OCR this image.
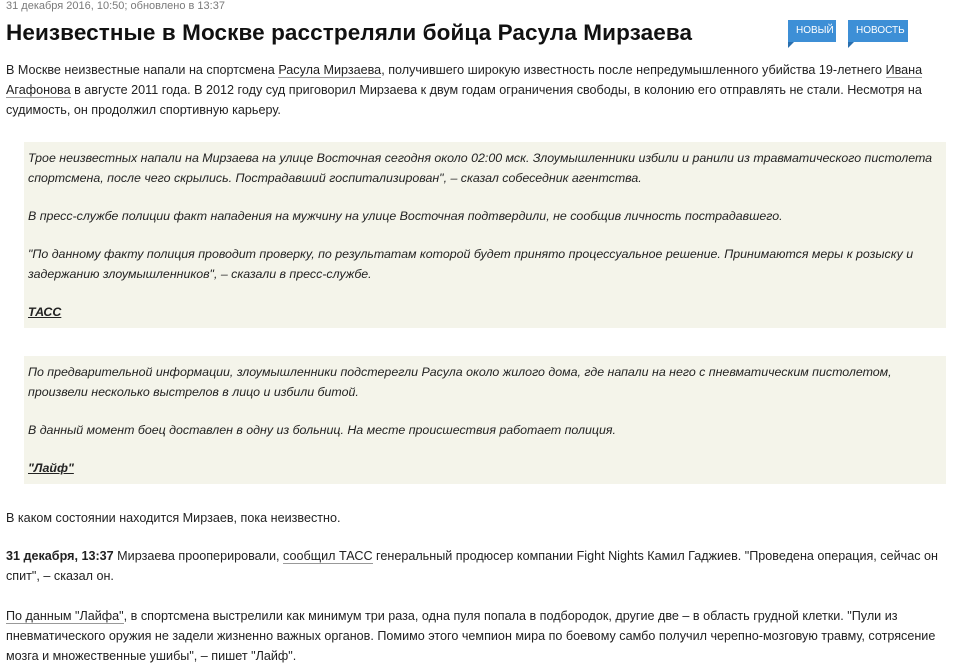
31 декабря 2016, 10:50; обновлено в 13:37
Неизвестные в Москве расстреляли бойца Расула Мирзаева	НОВЫЙ	НОВОСТЬ

В Москве неизвестные напали на спортсмена Расула Мирзаева, получившего широкую известность после непредумышленного убийства 19-летнего Ивана Агафонова в августе 2011 года. В 2012 году суд приговорил Мирзаева к двум годам ограничения свободы, в колонию его отправлять не стали. Несмотря на судимость, он продолжил спортивную карьеру.

Трое неизвестных напали на Мирзаева на улице Восточная сегодня около 02:00 мск. Злоумышленники избили и ранили из травматического пистолета спортсмена, после чего скрылись. Пострадавший госпитализирован", – сказал собеседник агентства.

В пресс-службе полиции факт нападения на мужчину на улице Восточная подтвердили, не сообщив личность пострадавшего.

"По данному факту полиция проводит проверку, по результатам которой будет принято процессуальное решение. Принимаются меры к розыску и задержанию злоумышленников", – сказали в пресс-службе.

ТАСС

По предварительной информации, злоумышленники подстерегли Расула около жилого дома, где напали на него с пневматическим пистолетом, произвели несколько выстрелов в лицо и избили битой.

В данный момент боец доставлен в одну из больниц. На месте происшествия работает полиция.

"Лайф"

В каком состоянии находится Мирзаев, пока неизвестно.

31 декабря, 13:37 Мирзаева прооперировали, сообщил ТАСС генеральный продюсер компании Fight Nights Камил Гаджиев. "Проведена операция, сейчас он спит", – сказал он.

По данным "Лайфа", в спортсмена выстрелили как минимум три раза, одна пуля попала в подбородок, другие две – в область грудной клетки. "Пули из пневматического оружия не задели жизненно важных органов. Помимо этого чемпион мира по боевому самбо получил черепно-мозговую травму, сотрясение мозга и множественные ушибы", – пишет "Лайф".
